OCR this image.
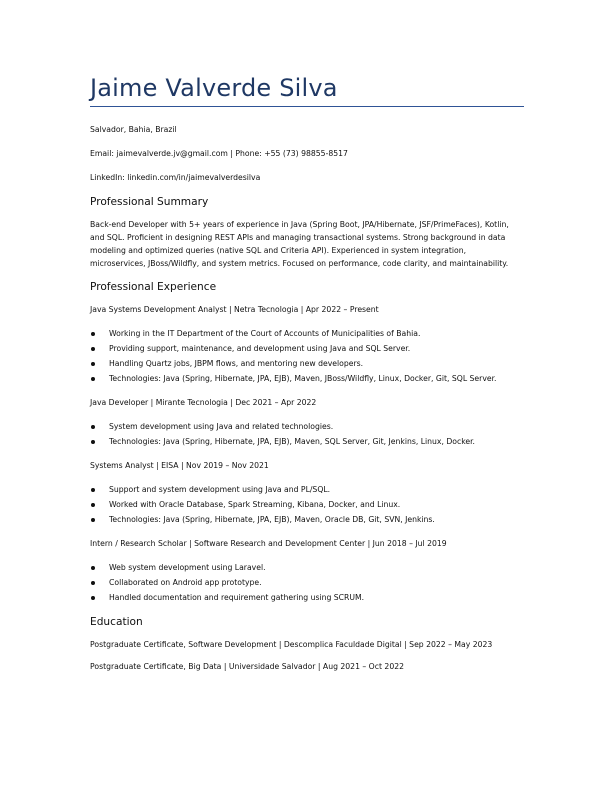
Jaime Valverde Silva
Salvador, Bahia, Brazil
Email: jaimevalverde.jv@gmail.com | Phone: +55 (73) 98855-8517
LinkedIn: linkedin.com/in/jaimevalverdesilva
Professional Summary
Back-end Developer with 5+ years of experience in Java (Spring Boot, JPA/Hibernate, JSF/PrimeFaces), Kotlin, and SQL. Proficient in designing REST APIs and managing transactional systems. Strong background in data modeling and optimized queries (native SQL and Criteria API). Experienced in system integration, microservices, JBoss/Wildfly, and system metrics. Focused on performance, code clarity, and maintainability.
Professional Experience
Java Systems Development Analyst | Netra Tecnologia | Apr 2022 – Present
Working in the IT Department of the Court of Accounts of Municipalities of Bahia.
Providing support, maintenance, and development using Java and SQL Server.
Handling Quartz jobs, JBPM flows, and mentoring new developers.
Technologies: Java (Spring, Hibernate, JPA, EJB), Maven, JBoss/Wildfly, Linux, Docker, Git, SQL Server.
Java Developer | Mirante Tecnologia | Dec 2021 – Apr 2022
System development using Java and related technologies.
Technologies: Java (Spring, Hibernate, JPA, EJB), Maven, SQL Server, Git, Jenkins, Linux, Docker.
Systems Analyst | EISA | Nov 2019 – Nov 2021
Support and system development using Java and PL/SQL.
Worked with Oracle Database, Spark Streaming, Kibana, Docker, and Linux.
Technologies: Java (Spring, Hibernate, JPA, EJB), Maven, Oracle DB, Git, SVN, Jenkins.
Intern / Research Scholar | Software Research and Development Center | Jun 2018 – Jul 2019
Web system development using Laravel.
Collaborated on Android app prototype.
Handled documentation and requirement gathering using SCRUM.
Education
Postgraduate Certificate, Software Development | Descomplica Faculdade Digital | Sep 2022 – May 2023
Postgraduate Certificate, Big Data | Universidade Salvador | Aug 2021 – Oct 2022
